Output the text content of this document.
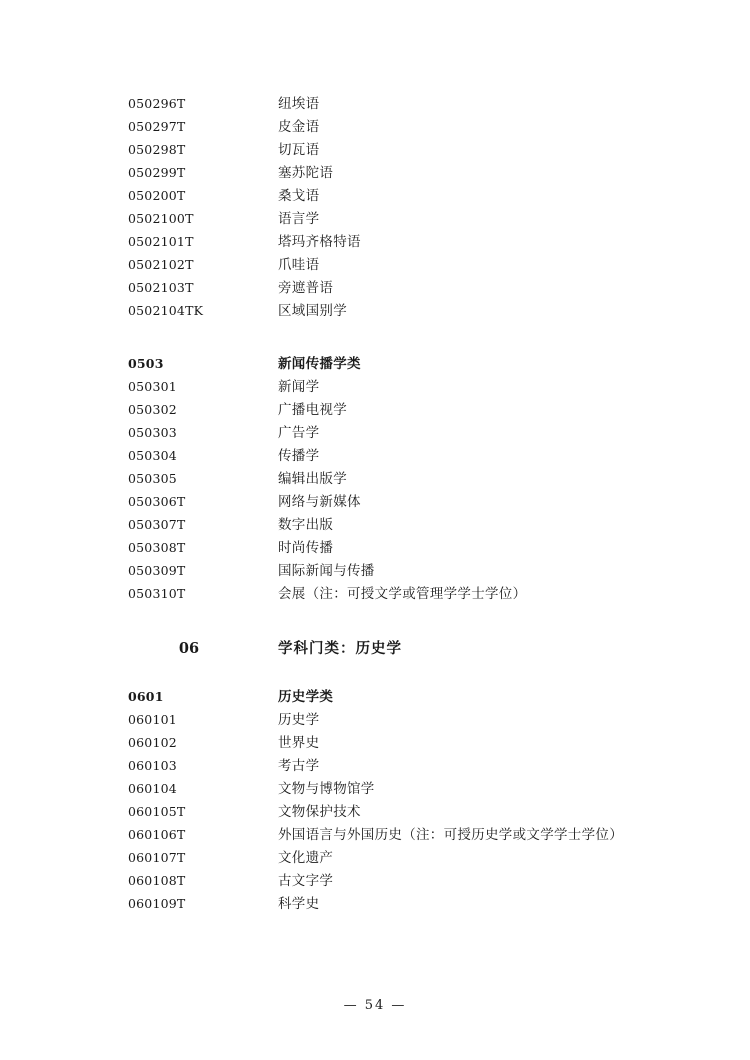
050296T	纽埃语
050297T	皮金语
050298T	切瓦语
050299T	塞苏陀语
050200T	桑戈语
0502100T	语言学
0502101T	塔玛齐格特语
0502102T	爪哇语
0502103T	旁遮普语
0502104TK	区域国别学
0503	新闻传播学类
050301	新闻学
050302	广播电视学
050303	广告学
050304	传播学
050305	编辑出版学
050306T	网络与新媒体
050307T	数字出版
050308T	时尚传播
050309T	国际新闻与传播
050310T	会展（注：可授文学或管理学学士学位）
06	学科门类：历史学
0601	历史学类
060101	历史学
060102	世界史
060103	考古学
060104	文物与博物馆学
060105T	文物保护技术
060106T	外国语言与外国历史（注：可授历史学或文学学士学位）
060107T	文化遗产
060108T	古文字学
060109T	科学史
— 54 —
